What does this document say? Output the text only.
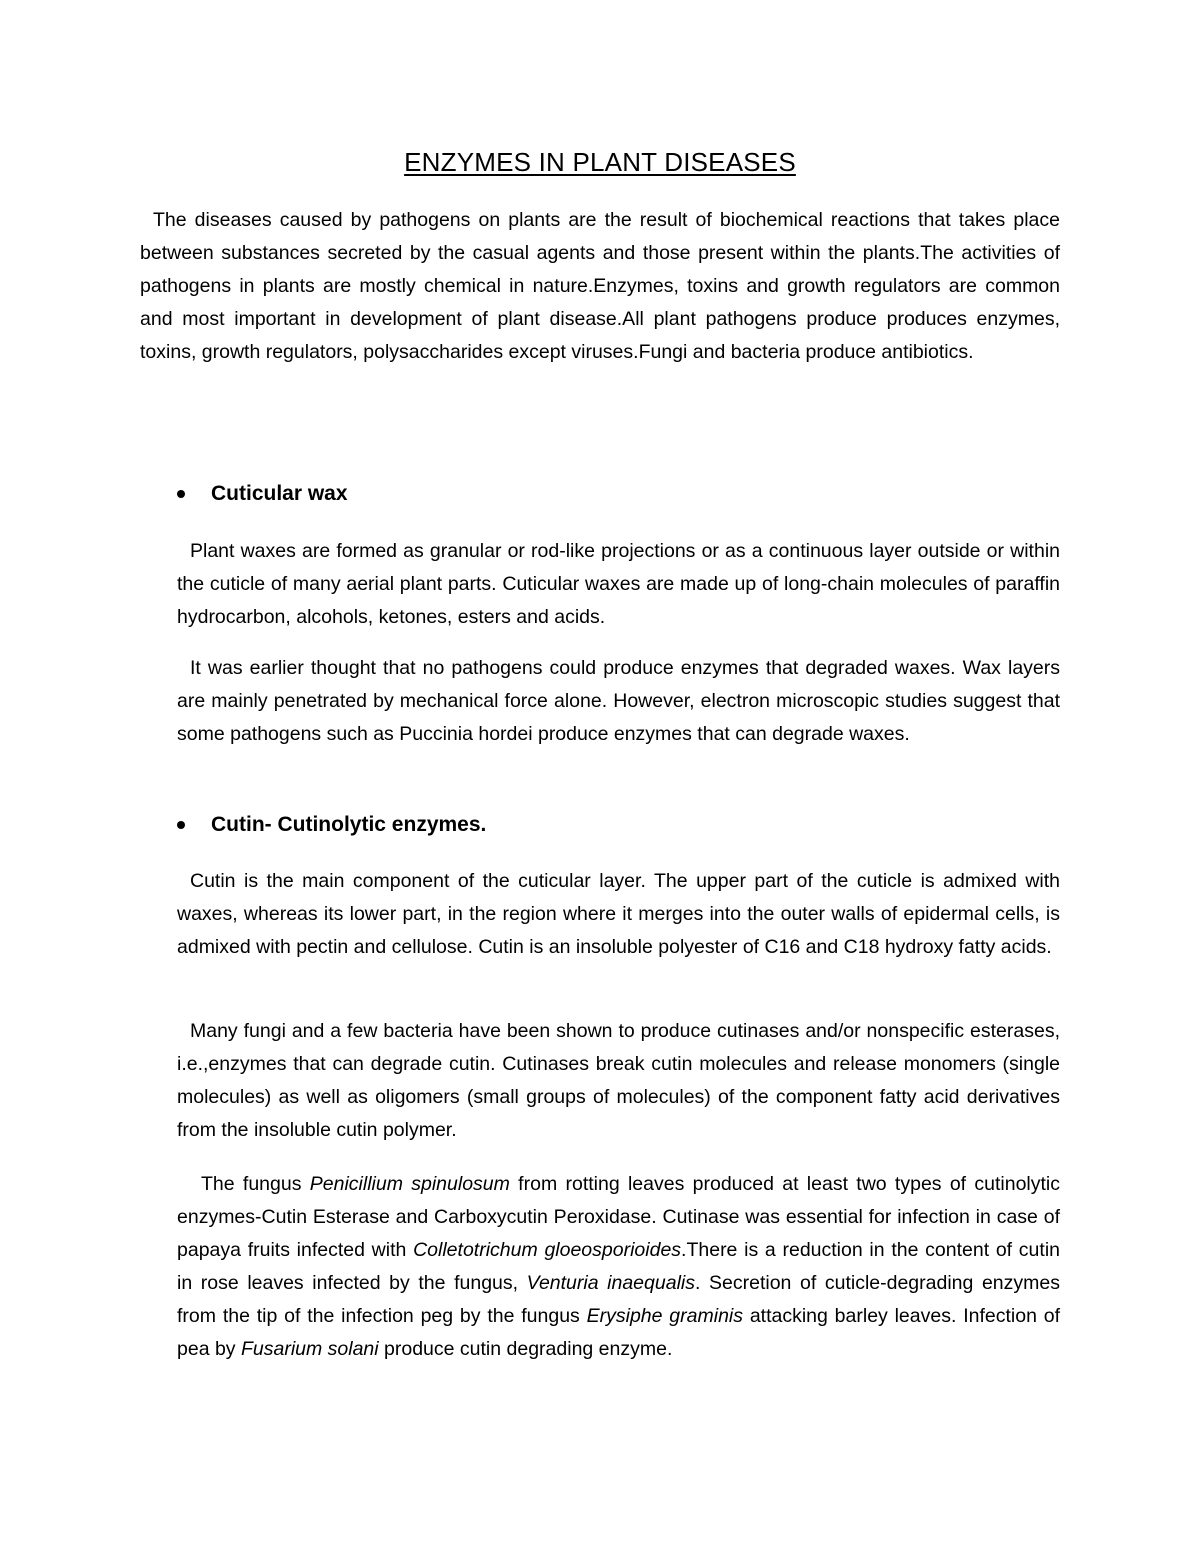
ENZYMES IN PLANT DISEASES
The diseases caused by pathogens on plants are the result of biochemical reactions that takes place between substances secreted by the casual agents and those present within the plants.The activities of pathogens in plants are mostly chemical in nature.Enzymes, toxins and growth regulators are common and most important in development of plant disease.All plant pathogens produce produces enzymes, toxins, growth regulators, polysaccharides except viruses.Fungi and bacteria produce antibiotics.
Cuticular wax
Plant waxes are formed as granular or rod-like projections or as a continuous layer outside or within the cuticle of many aerial plant parts. Cuticular waxes are made up of long-chain molecules of paraffin hydrocarbon, alcohols, ketones, esters and acids.
It was earlier thought that no pathogens could produce enzymes that degraded waxes. Wax layers are mainly penetrated by mechanical force alone. However, electron microscopic studies suggest that some pathogens such as Puccinia hordei produce enzymes that can degrade waxes.
Cutin- Cutinolytic enzymes.
Cutin is the main component of the cuticular layer. The upper part of the cuticle is admixed with waxes, whereas its lower part, in the region where it merges into the outer walls of epidermal cells, is admixed with pectin and cellulose. Cutin is an insoluble polyester of C16 and C18 hydroxy fatty acids.
Many fungi and a few bacteria have been shown to produce cutinases and/or nonspecific esterases, i.e.,enzymes that can degrade cutin. Cutinases break cutin molecules and release monomers (single molecules) as well as oligomers (small groups of molecules) of the component fatty acid derivatives from the insoluble cutin polymer.
The fungus Penicillium spinulosum from rotting leaves produced at least two types of cutinolytic enzymes-Cutin Esterase and Carboxycutin Peroxidase. Cutinase was essential for infection in case of papaya fruits infected with Colletotrichum gloeosporioides.There is a reduction in the content of cutin in rose leaves infected by the fungus, Venturia inaequalis. Secretion of cuticle-degrading enzymes from the tip of the infection peg by the fungus Erysiphe graminis attacking barley leaves. Infection of pea by Fusarium solani produce cutin degrading enzyme.
